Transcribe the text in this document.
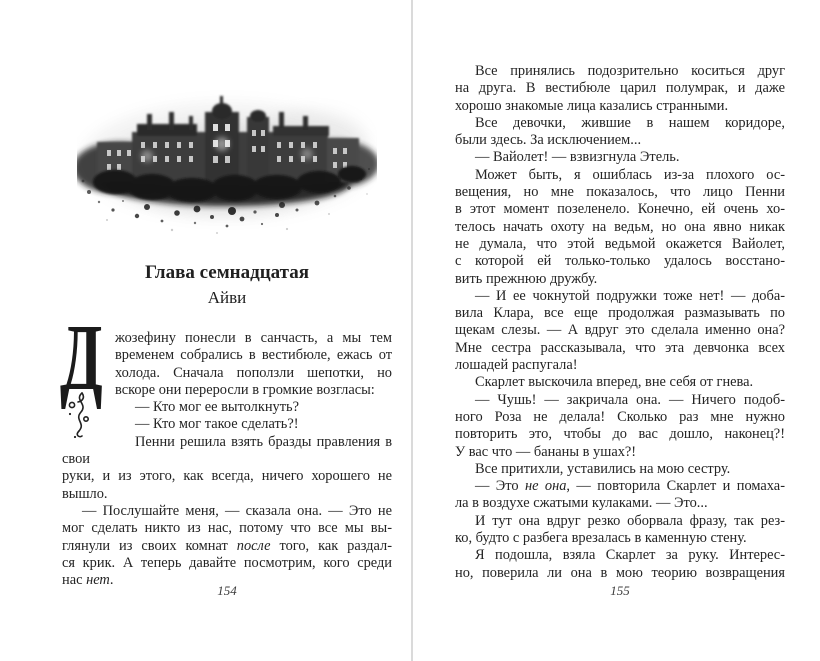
Глава семнадцатая
Айви
Д жозефину понесли в санчасть, а мы тем
временем собрались в вестибюле, ежась от
холода. Сначала поползли шепотки, но
вскоре они переросли в громкие возгласы:
— Кто мог ее вытолкнуть?
— Кто мог такое сделать?!
Пенни решила взять бразды правления в свои
руки, и из этого, как всегда, ничего хорошего не
вышло.
— Послушайте меня, — сказала она. — Это не
мог сделать никто из нас, потому что все мы вы-
глянули из своих комнат после того, как раздал-
ся крик. А теперь давайте посмотрим, кого среди
нас нет.
154
Все принялись подозрительно коситься друг
на друга. В вестибюле царил полумрак, и даже
хорошо знакомые лица казались странными.
Все девочки, жившие в нашем коридоре,
были здесь. За исключением...
— Вайолет! — взвизгнула Этель.
Может быть, я ошиблась из-за плохого ос-
вещения, но мне показалось, что лицо Пенни
в этот момент позеленело. Конечно, ей очень хо-
телось начать охоту на ведьм, но она явно никак
не думала, что этой ведьмой окажется Вайолет,
с которой ей только-только удалось восстано-
вить прежнюю дружбу.
— И ее чокнутой подружки тоже нет! — доба-
вила Клара, все еще продолжая размазывать по
щекам слезы. — А вдруг это сделала именно она?
Мне сестра рассказывала, что эта девчонка всех
лошадей распугала!
Скарлет выскочила вперед, вне себя от гнева.
— Чушь! — закричала она. — Ничего подоб-
ного Роза не делала! Сколько раз мне нужно
повторить это, чтобы до вас дошло, наконец?!
У вас что — бананы в ушах?!
Все притихли, уставились на мою сестру.
— Это не она, — повторила Скарлет и помаха-
ла в воздухе сжатыми кулаками. — Это...
И тут она вдруг резко оборвала фразу, так рез-
ко, будто с разбега врезалась в каменную стену.
Я подошла, взяла Скарлет за руку. Интерес-
но, поверила ли она в мою теорию возвращения
155
